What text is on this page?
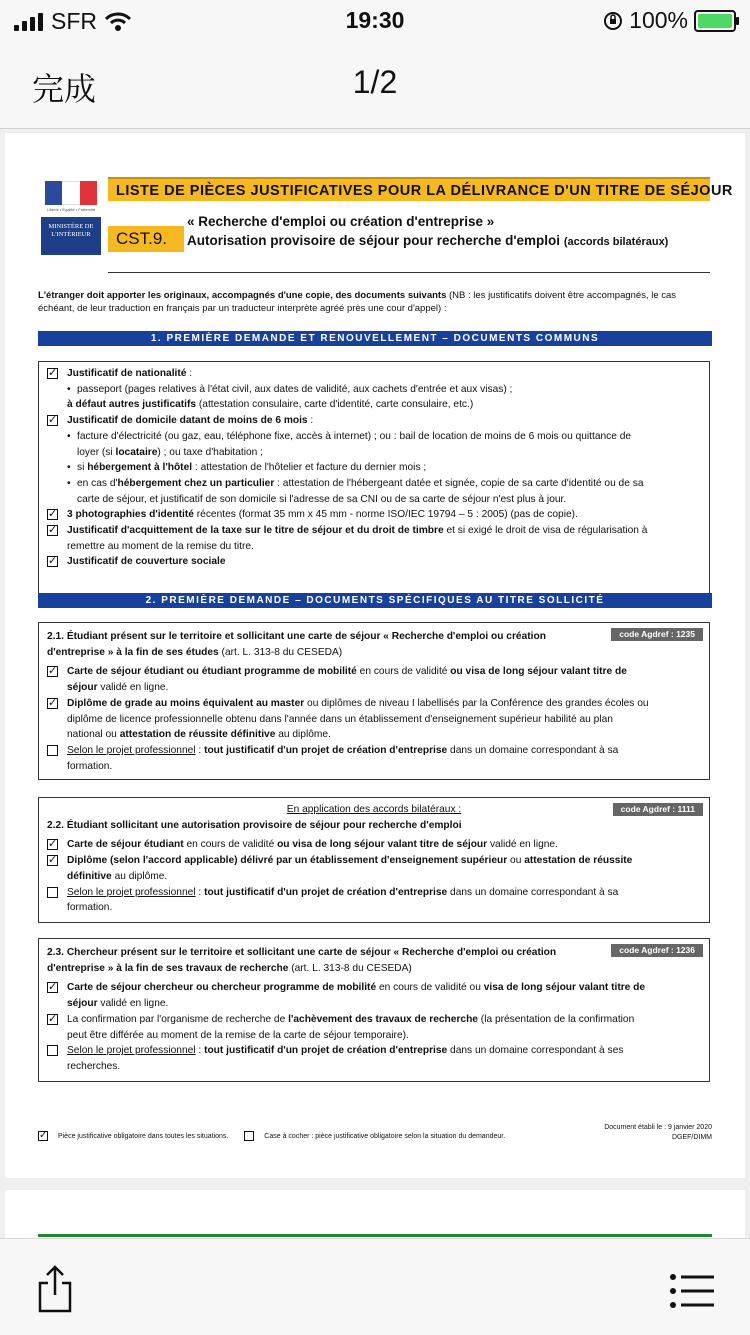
SFR	19:30	100%
完成	1/2
Liberté • Égalité • Fraternité
MINISTÈRE DE L'INTÉRIEUR
LISTE DE PIÈCES JUSTIFICATIVES POUR LA DÉLIVRANCE D'UN TITRE DE SÉJOUR
CST.9.
« Recherche d'emploi ou création d'entreprise »
Autorisation provisoire de séjour pour recherche d'emploi (accords bilatéraux)
L'étranger doit apporter les originaux, accompagnés d'une copie, des documents suivants (NB : les justificatifs doivent être accompagnés, le cas échéant, de leur traduction en français par un traducteur interprète agréé près une cour d'appel) :
1. PREMIÈRE DEMANDE ET RENOUVELLEMENT – DOCUMENTS COMMUNS
✓ Justificatif de nationalité :
• passeport (pages relatives à l'état civil, aux dates de validité, aux cachets d'entrée et aux visas) ;
à défaut autres justificatifs (attestation consulaire, carte d'identité, carte consulaire, etc.)
✓ Justificatif de domicile datant de moins de 6 mois :
• facture d'électricité (ou gaz, eau, téléphone fixe, accès à internet) ; ou : bail de location de moins de 6 mois ou quittance de
loyer (si locataire) ; ou taxe d'habitation ;
• si hébergement à l'hôtel : attestation de l'hôtelier et facture du dernier mois ;
• en cas d'hébergement chez un particulier : attestation de l'hébergeant datée et signée, copie de sa carte d'identité ou de sa
carte de séjour, et justificatif de son domicile si l'adresse de sa CNI ou de sa carte de séjour n'est plus à jour.
✓ 3 photographies d'identité récentes (format 35 mm x 45 mm - norme ISO/IEC 19794 – 5 : 2005) (pas de copie).
✓ Justificatif d'acquittement de la taxe sur le titre de séjour et du droit de timbre et si exigé le droit de visa de régularisation à
remettre au moment de la remise du titre.
✓ Justificatif de couverture sociale
2. PREMIÈRE DEMANDE – DOCUMENTS SPÉCIFIQUES AU TITRE SOLLICITÉ
code Agdref : 1235
2.1. Étudiant présent sur le territoire et sollicitant une carte de séjour « Recherche d'emploi ou création
d'entreprise » à la fin de ses études (art. L. 313-8 du CESEDA)
✓ Carte de séjour étudiant ou étudiant programme de mobilité en cours de validité ou visa de long séjour valant titre de
séjour validé en ligne.
✓ Diplôme de grade au moins équivalent au master ou diplômes de niveau I labellisés par la Conférence des grandes écoles ou
diplôme de licence professionnelle obtenu dans l'année dans un établissement d'enseignement supérieur habilité au plan
national ou attestation de réussite définitive au diplôme.
Selon le projet professionnel : tout justificatif d'un projet de création d'entreprise dans un domaine correspondant à sa
formation.
code Agdref : 1111
En application des accords bilatéraux :
2.2. Étudiant sollicitant une autorisation provisoire de séjour pour recherche d'emploi
✓ Carte de séjour étudiant en cours de validité ou visa de long séjour valant titre de séjour validé en ligne.
✓ Diplôme (selon l'accord applicable) délivré par un établissement d'enseignement supérieur ou attestation de réussite
définitive au diplôme.
Selon le projet professionnel : tout justificatif d'un projet de création d'entreprise dans un domaine correspondant à sa
formation.
code Agdref : 1236
2.3. Chercheur présent sur le territoire et sollicitant une carte de séjour « Recherche d'emploi ou création
d'entreprise » à la fin de ses travaux de recherche (art. L. 313-8 du CESEDA)
✓ Carte de séjour chercheur ou chercheur programme de mobilité en cours de validité ou visa de long séjour valant titre de
séjour validé en ligne.
✓ La confirmation par l'organisme de recherche de l'achèvement des travaux de recherche (la présentation de la confirmation
peut être différée au moment de la remise de la carte de séjour temporaire).
Selon le projet professionnel : tout justificatif d'un projet de création d'entreprise dans un domaine correspondant à ses
recherches.
✓ Pièce justificative obligatoire dans toutes les situations.	Case à cocher : pièce justificative obligatoire selon la situation du demandeur.
Document établi le : 9 janvier 2020
DGEF/DIMM
